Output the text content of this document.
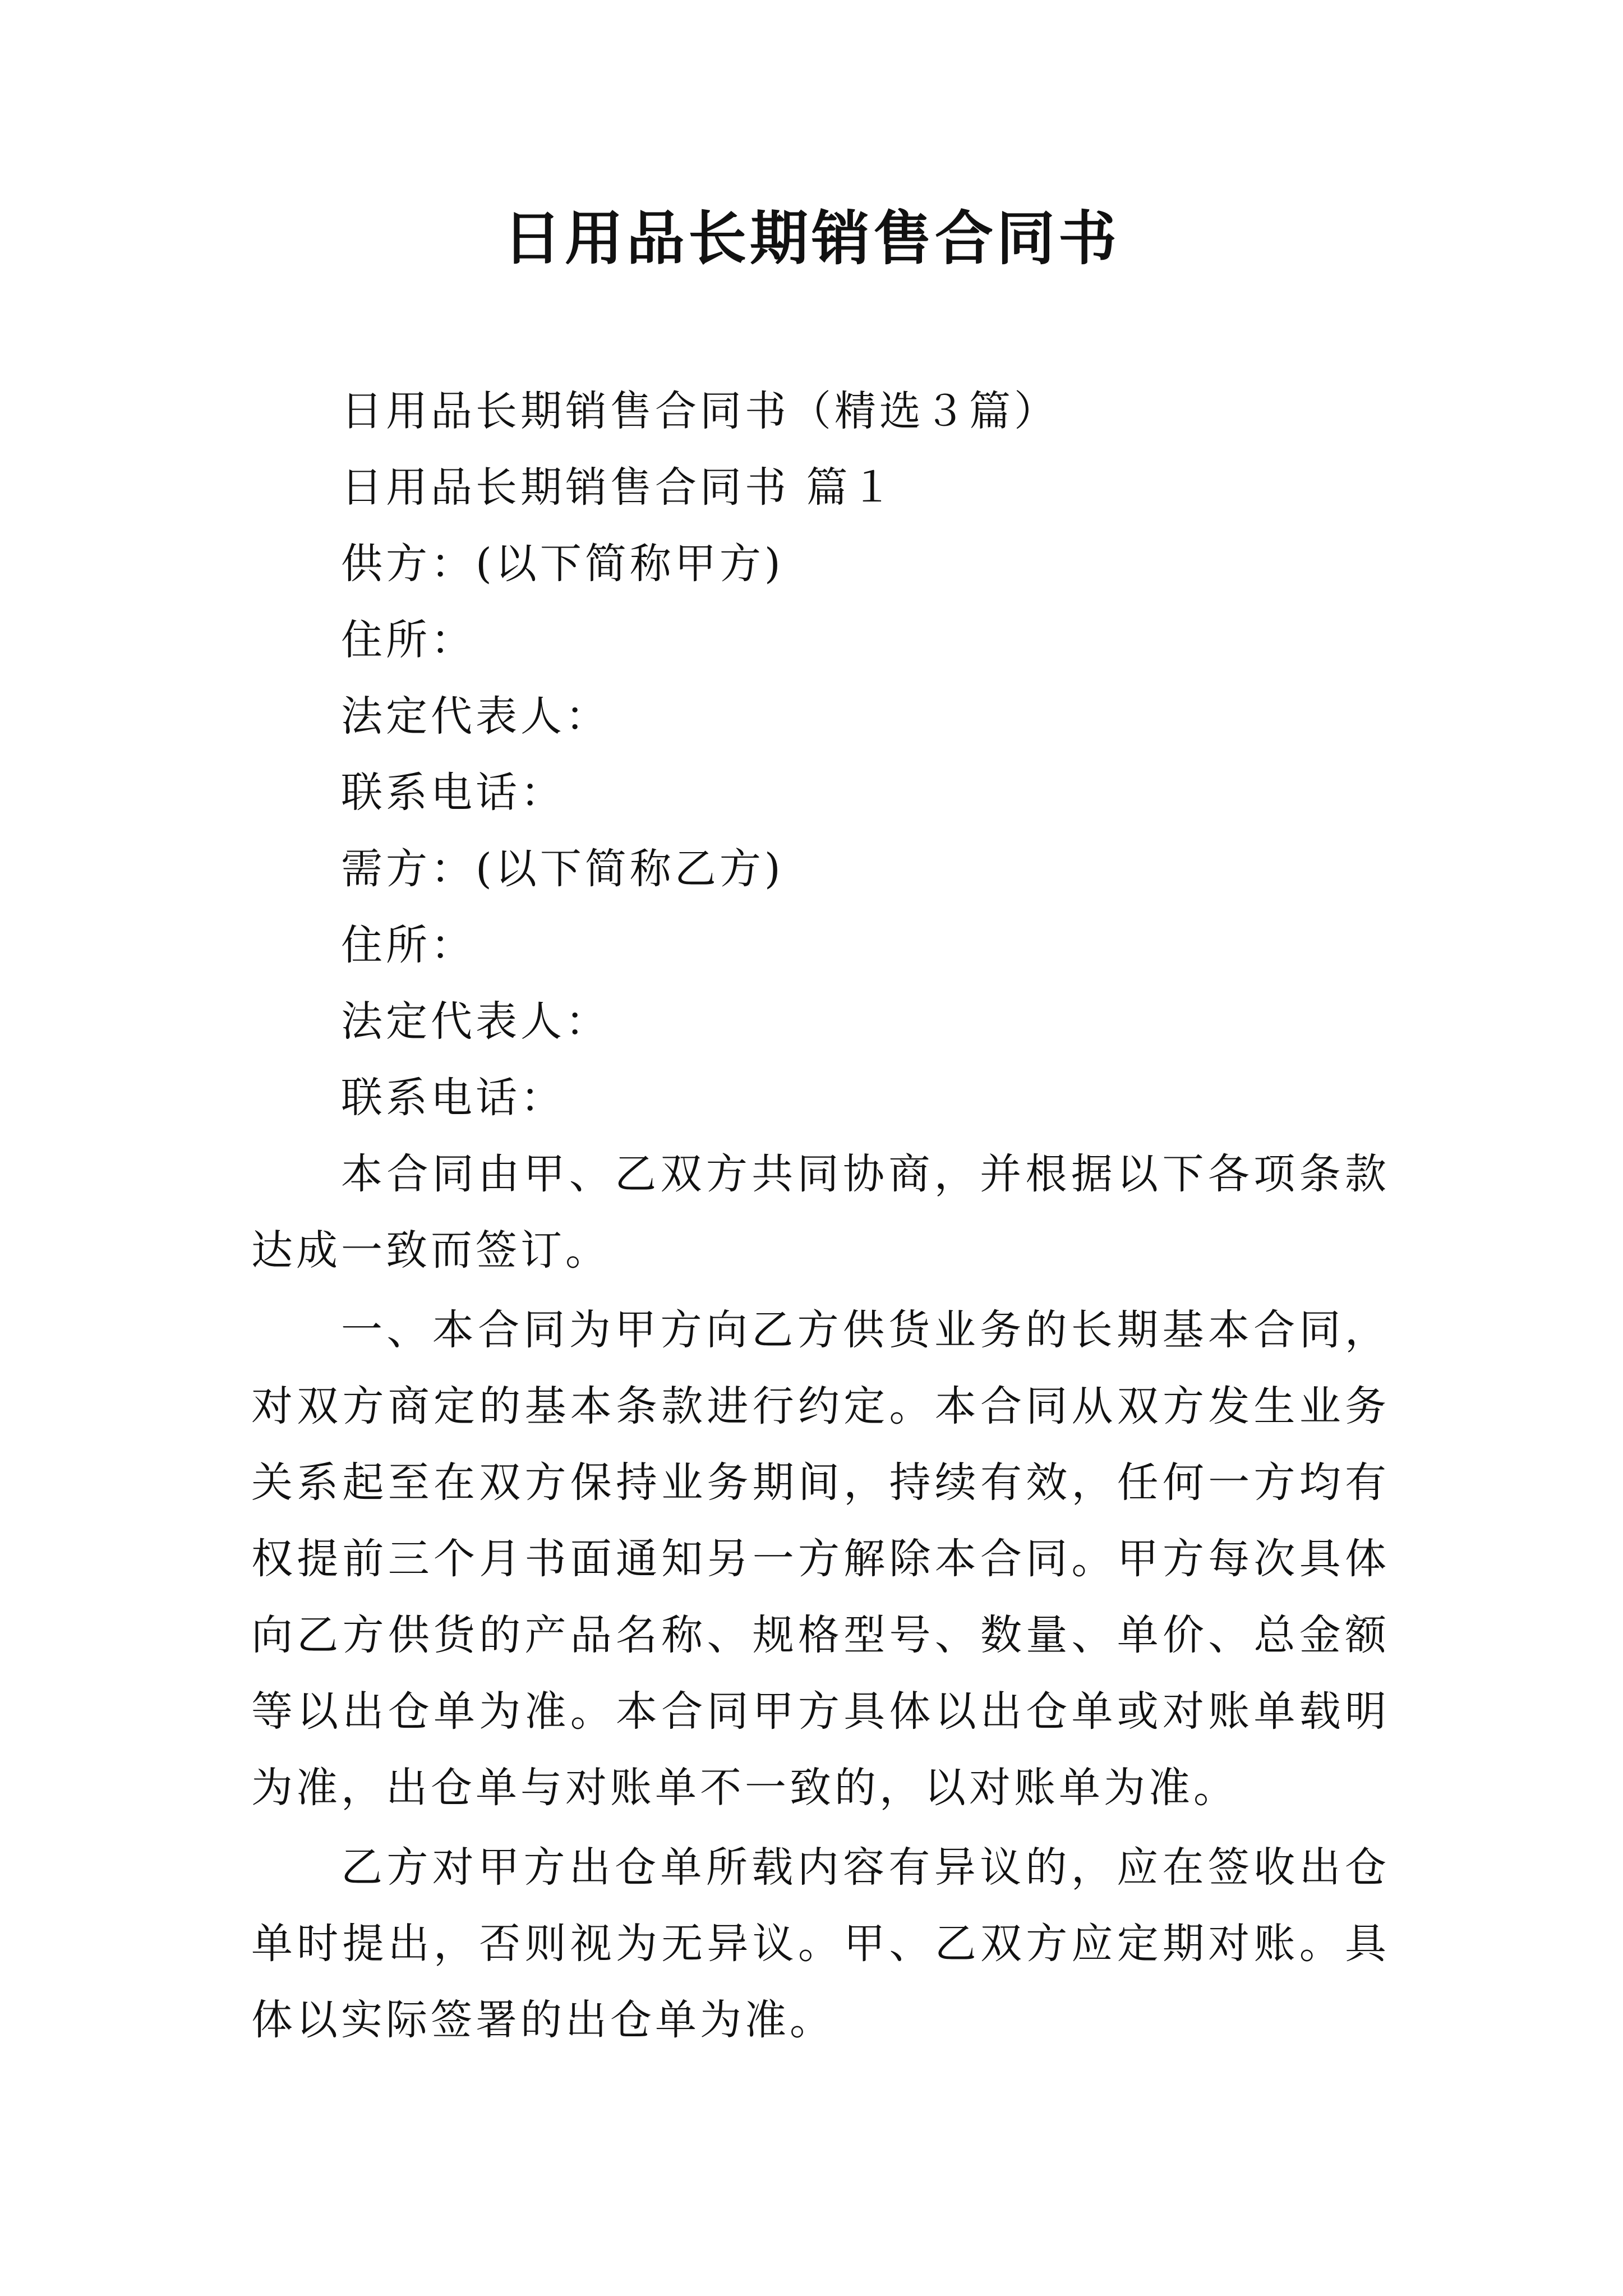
日用品长期销售合同书

日用品长期销售合同书（精选３篇）

日用品长期销售合同书 篇１

供方：(以下简称甲方)

住所：

法定代表人：

联系电话：

需方：(以下简称乙方)

住所：

法定代表人：

联系电话：

本合同由甲、乙双方共同协商，并根据以下各项条款达成一致而签订。

一、本合同为甲方向乙方供货业务的长期基本合同，对双方商定的基本条款进行约定。本合同从双方发生业务关系起至在双方保持业务期间，持续有效，任何一方均有权提前三个月书面通知另一方解除本合同。甲方每次具体向乙方供货的产品名称、规格型号、数量、单价、总金额等以出仓单为准。本合同甲方具体以出仓单或对账单载明为准，出仓单与对账单不一致的，以对账单为准。

乙方对甲方出仓单所载内容有异议的，应在签收出仓单时提出，否则视为无异议。甲、乙双方应定期对账。具体以实际签署的出仓单为准。
